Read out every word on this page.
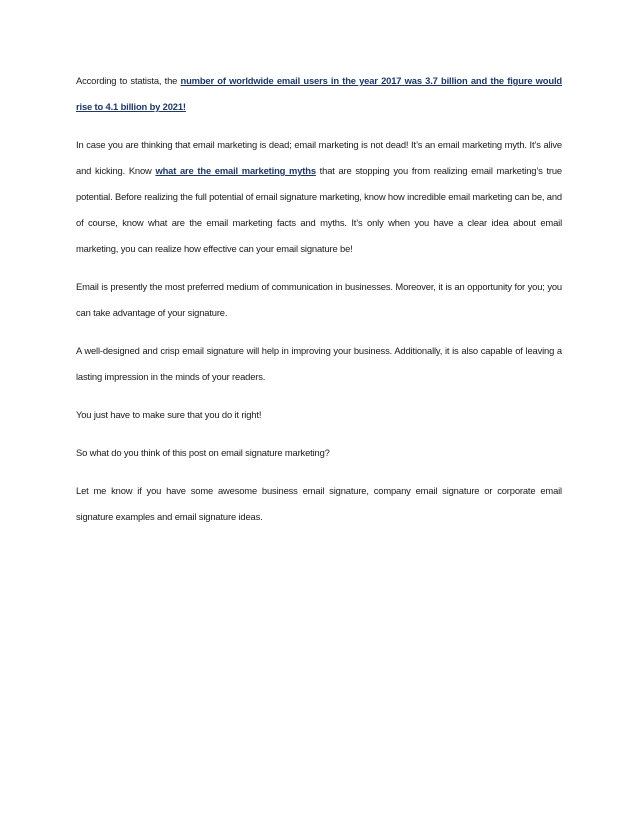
According to statista, the number of worldwide email users in the year 2017 was 3.7 billion and the figure would rise to 4.1 billion by 2021!

In case you are thinking that email marketing is dead; email marketing is not dead! It’s an email marketing myth. It’s alive and kicking. Know what are the email marketing myths that are stopping you from realizing email marketing’s true potential. Before realizing the full potential of email signature marketing, know how incredible email marketing can be, and of course, know what are the email marketing facts and myths. It’s only when you have a clear idea about email marketing, you can realize how effective can your email signature be!

Email is presently the most preferred medium of communication in businesses. Moreover, it is an opportunity for you; you can take advantage of your signature.

A well-designed and crisp email signature will help in improving your business. Additionally, it is also capable of leaving a lasting impression in the minds of your readers.

You just have to make sure that you do it right!

So what do you think of this post on email signature marketing?

Let me know if you have some awesome business email signature, company email signature or corporate email signature examples and email signature ideas.
